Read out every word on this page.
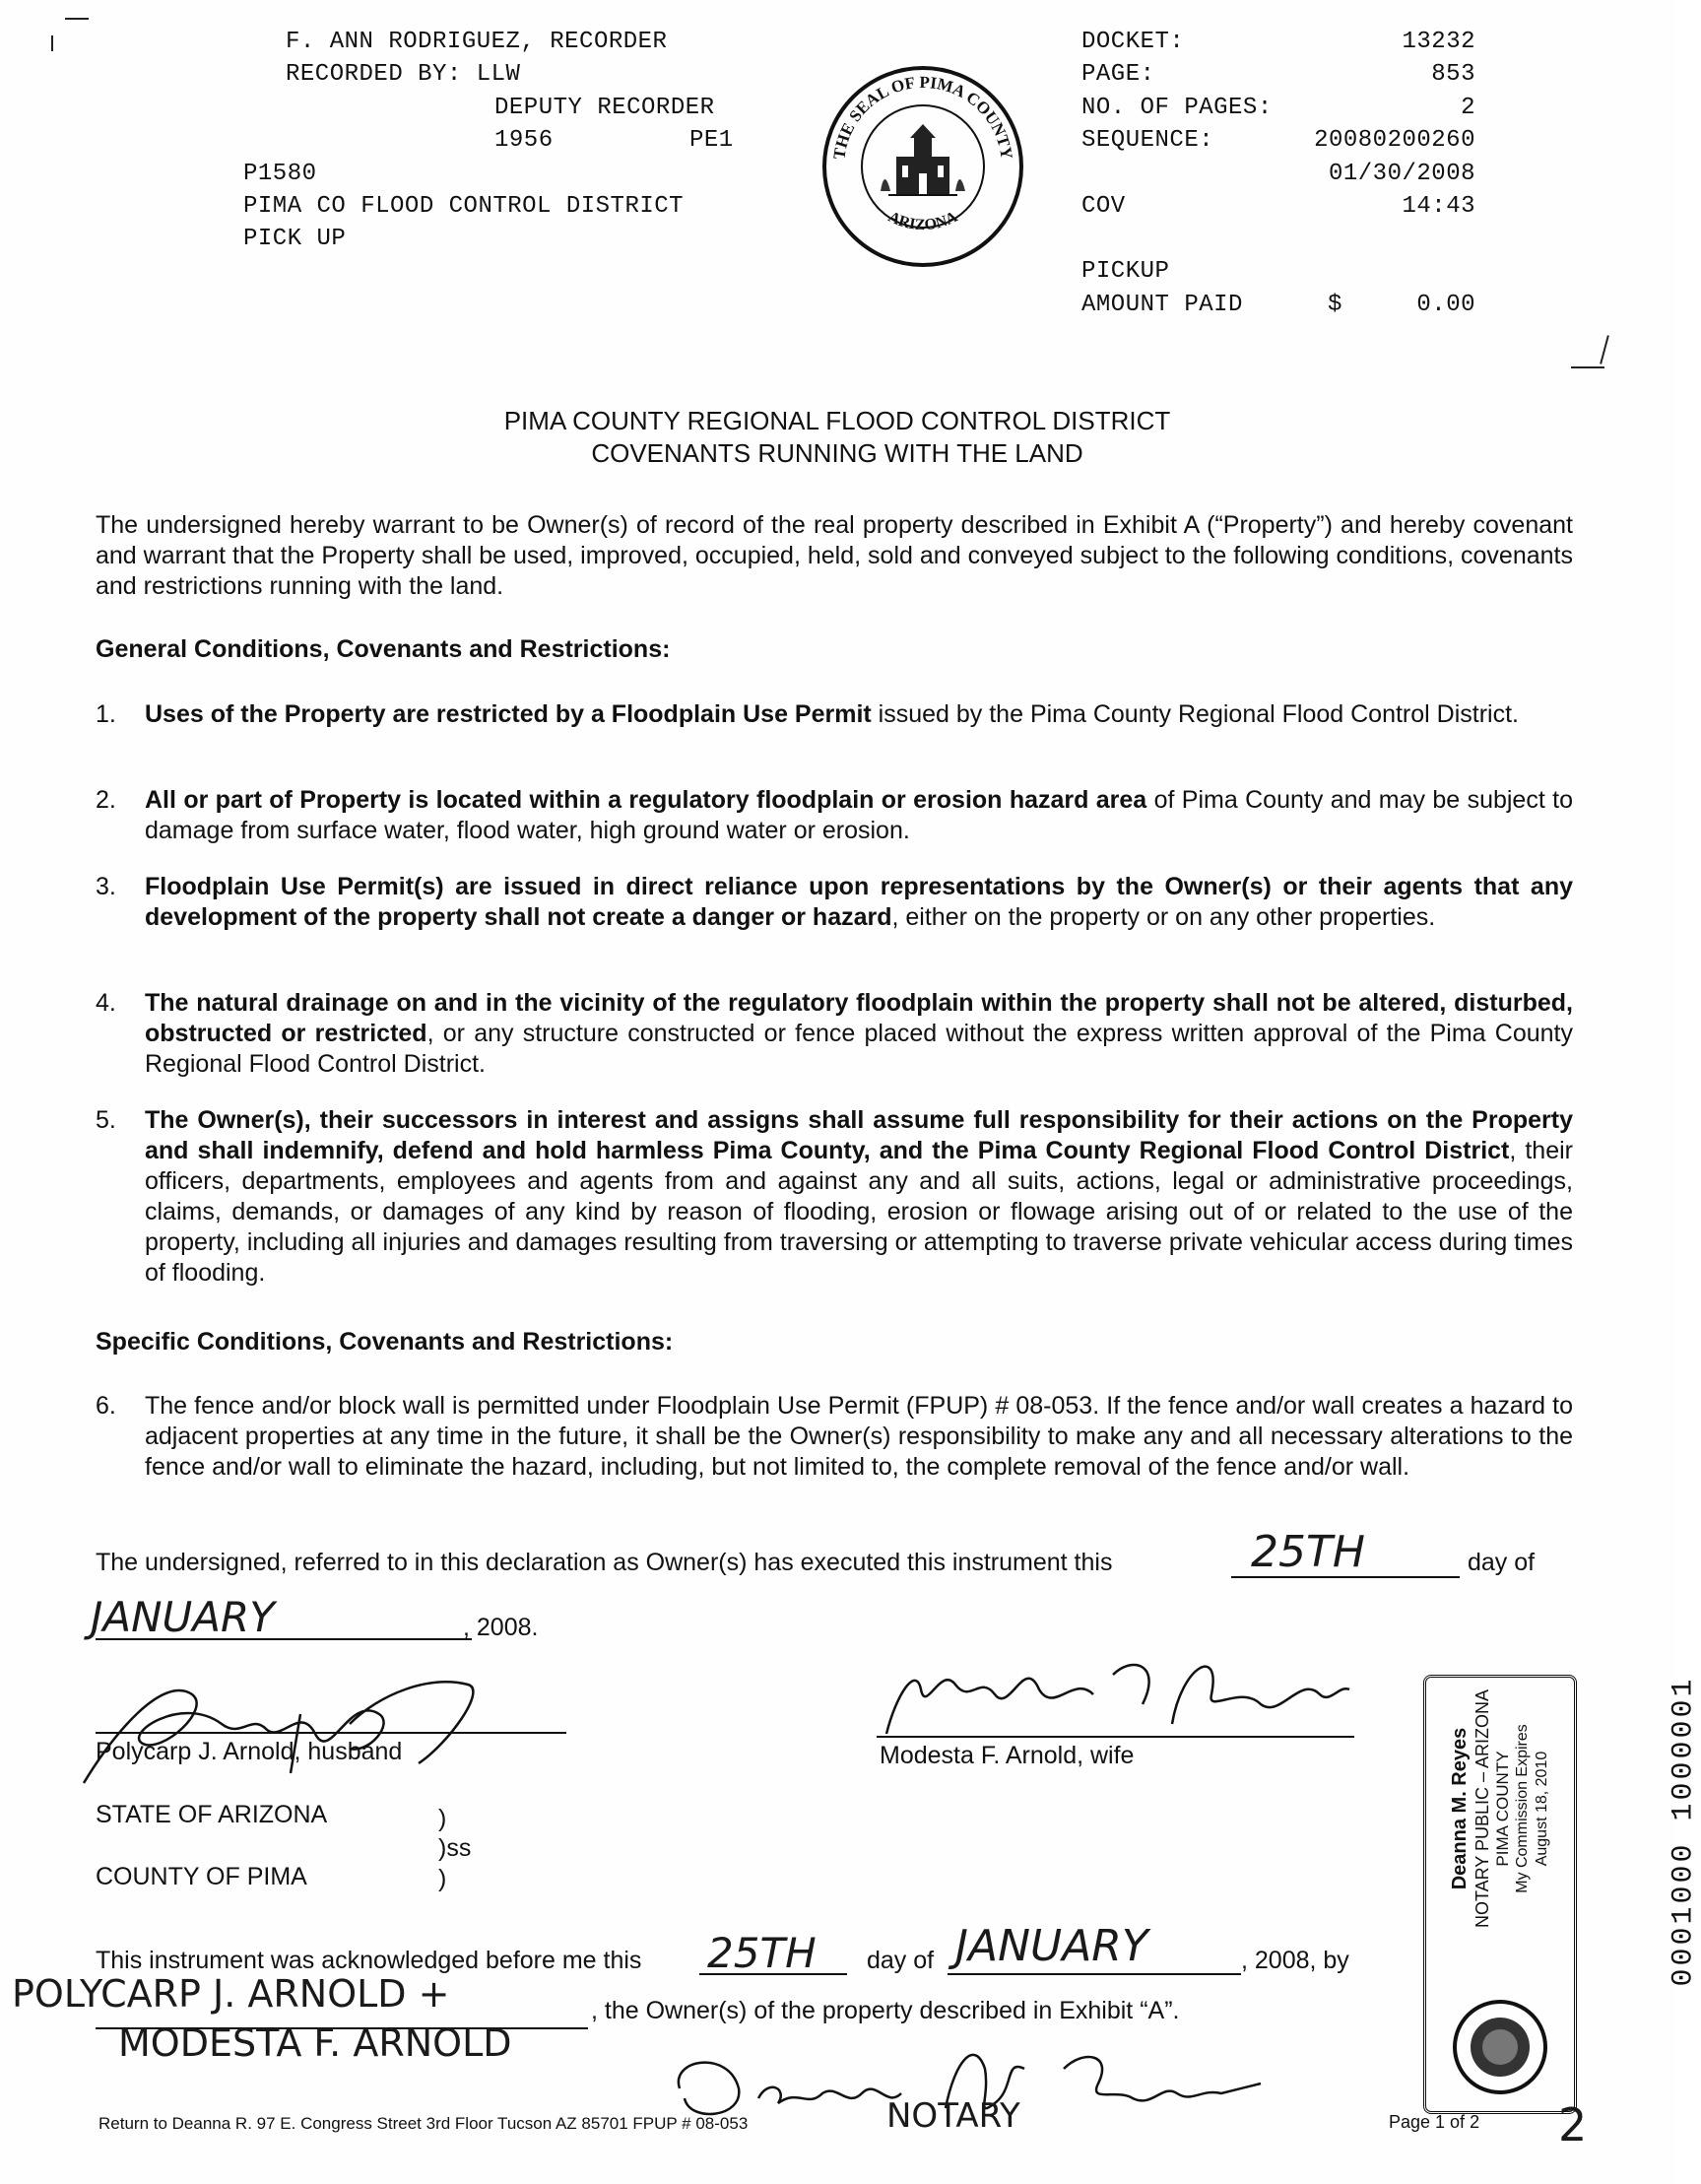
F. ANN RODRIGUEZ, RECORDER
RECORDED BY: LLW
DEPUTY RECORDER
1956	PE1
P1580
PIMA CO FLOOD CONTROL DISTRICT
PICK UP
THE SEAL OF PIMA COUNTY
ARIZONA
DOCKET:	13232
PAGE:	853
NO. OF PAGES:	2
SEQUENCE:	20080200260
01/30/2008
COV	14:43
PICKUP
AMOUNT PAID	$	0.00
PIMA COUNTY REGIONAL FLOOD CONTROL DISTRICT
COVENANTS RUNNING WITH THE LAND
The undersigned hereby warrant to be Owner(s) of record of the real property described in Exhibit A (“Property”) and hereby covenant and warrant that the Property shall be used, improved, occupied, held, sold and conveyed subject to the following conditions, covenants and restrictions running with the land.
General Conditions, Covenants and Restrictions:
1.	Uses of the Property are restricted by a Floodplain Use Permit issued by the Pima County Regional Flood Control District.
2.	All or part of Property is located within a regulatory floodplain or erosion hazard area of Pima County and may be subject to damage from surface water, flood water, high ground water or erosion.
3.	Floodplain Use Permit(s) are issued in direct reliance upon representations by the Owner(s) or their agents that any development of the property shall not create a danger or hazard, either on the property or on any other properties.
4.	The natural drainage on and in the vicinity of the regulatory floodplain within the property shall not be altered, disturbed, obstructed or restricted, or any structure constructed or fence placed without the express written approval of the Pima County Regional Flood Control District.
5.	The Owner(s), their successors in interest and assigns shall assume full responsibility for their actions on the Property and shall indemnify, defend and hold harmless Pima County, and the Pima County Regional Flood Control District, their officers, departments, employees and agents from and against any and all suits, actions, legal or administrative proceedings, claims, demands, or damages of any kind by reason of flooding, erosion or flowage arising out of or related to the use of the property, including all injuries and damages resulting from traversing or attempting to traverse private vehicular access during times of flooding.
Specific Conditions, Covenants and Restrictions:
6.	The fence and/or block wall is permitted under Floodplain Use Permit (FPUP) # 08-053. If the fence and/or wall creates a hazard to adjacent properties at any time in the future, it shall be the Owner(s) responsibility to make any and all necessary alterations to the fence and/or wall to eliminate the hazard, including, but not limited to, the complete removal of the fence and/or wall.
The undersigned, referred to in this declaration as Owner(s) has executed this instrument this	25TH	day of
JANUARY	, 2008.
Polycarp J. Arnold, husband	Modesta F. Arnold, wife
STATE OF ARIZONA	)
)ss
COUNTY OF PIMA	)
This instrument was acknowledged before me this 25TH day of JANUARY	, 2008, by
POLYCARP J. ARNOLD +	, the Owner(s) of the property described in Exhibit “A”.
MODESTA F. ARNOLD
NOTARY
Return to Deanna R. 97 E. Congress Street 3rd Floor Tucson AZ 85701 FPUP # 08-053	Page 1 of 2 2
Deanna M. Reyes NOTARY PUBLIC – ARIZONA PIMA COUNTY My Commission Expires August 18, 2010	0001000 1000001
